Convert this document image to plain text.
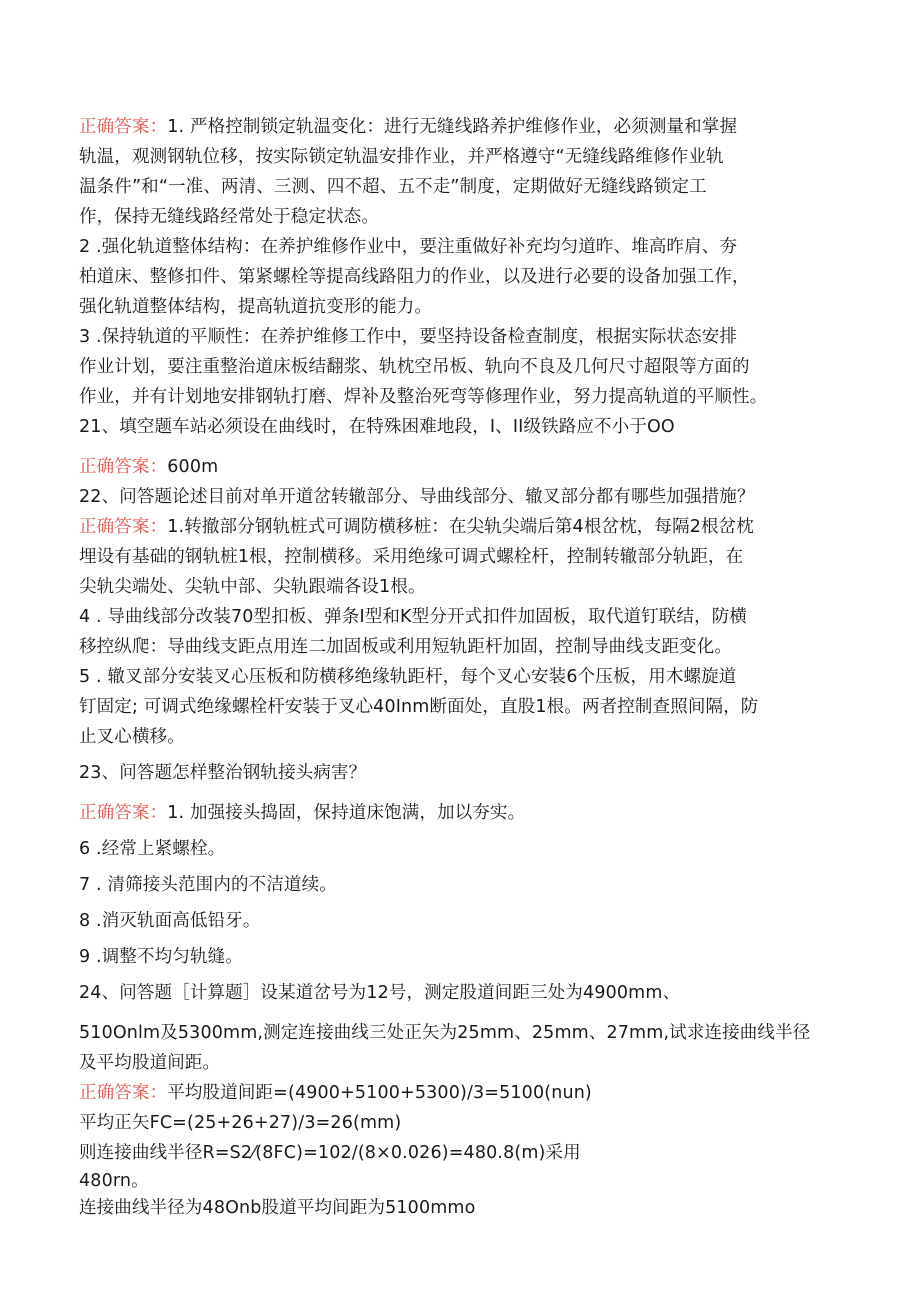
正确答案：1. 严格控制锁定轨温变化：进行无缝线路养护维修作业，必须测量和掌握
轨温，观测钢轨位移，按实际锁定轨温安排作业，并严格遵守“无缝线路维修作业轨
温条件”和“一准、两清、三测、四不超、五不走”制度，定期做好无缝线路锁定工
作，保持无缝线路经常处于稳定状态。
2 .强化轨道整体结构：在养护维修作业中，要注重做好补充均匀道昨、堆高昨肩、夯
柏道床、整修扣件、第紧螺栓等提高线路阻力的作业，以及进行必要的设备加强工作，
强化轨道整体结构，提高轨道抗变形的能力。
3 .保持轨道的平顺性：在养护维修工作中，要坚持设备检查制度，根据实际状态安排
作业计划，要注重整治道床板结翻浆、轨枕空吊板、轨向不良及几何尺寸超限等方面的
作业，并有计划地安排钢轨打磨、焊补及整治死弯等修理作业，努力提高轨道的平顺性。
21、填空题车站必须设在曲线时，在特殊困难地段，I、II级铁路应不小于OO
正确答案：600m
22、问答题论述目前对单开道岔转辙部分、导曲线部分、辙叉部分都有哪些加强措施？
正确答案：1.转撤部分钢轨桩式可调防横移桩：在尖轨尖端后第4根岔枕，每隔2根岔枕
埋设有基础的钢轨桩1根，控制横移。采用绝缘可调式螺栓杆，控制转辙部分轨距，在
尖轨尖端处、尖轨中部、尖轨跟端各设1根。
4 . 导曲线部分改装70型扣板、弹条I型和K型分开式扣件加固板，取代道钉联结，防横
移控纵爬：导曲线支距点用连二加固板或利用短轨距杆加固，控制导曲线支距变化。
5 . 辙叉部分安装叉心压板和防横移绝缘轨距杆，每个叉心安装6个压板，用木螺旋道
钉固定; 可调式绝缘螺栓杆安装于叉心40Inm断面处，直股1根。两者控制查照间隔，防
止叉心横移。
23、问答题怎样整治钢轨接头病害？
正确答案：1. 加强接头捣固，保持道床饱满，加以夯实。
6 .经常上紧螺栓。
7 . 清筛接头范围内的不洁道续。
8 .消灭轨面高低铅牙。
9 .调整不均匀轨缝。
24、问答题［计算题］设某道岔号为12号，测定股道间距三处为4900mm、
510Onlm及5300mm,测定连接曲线三处正矢为25mm、25mm、27mm,试求连接曲线半径
及平均股道间距。
正确答案：平均股道间距=(4900+5100+5300)/3=5100(nun)
平均正矢FC=(25+26+27)/3=26(mm)
则连接曲线半径R=S2⁄(8FC)=102/(8×0.026)=480.8(m)采用
480rn。
连接曲线半径为48Onb股道平均间距为5100mmo
